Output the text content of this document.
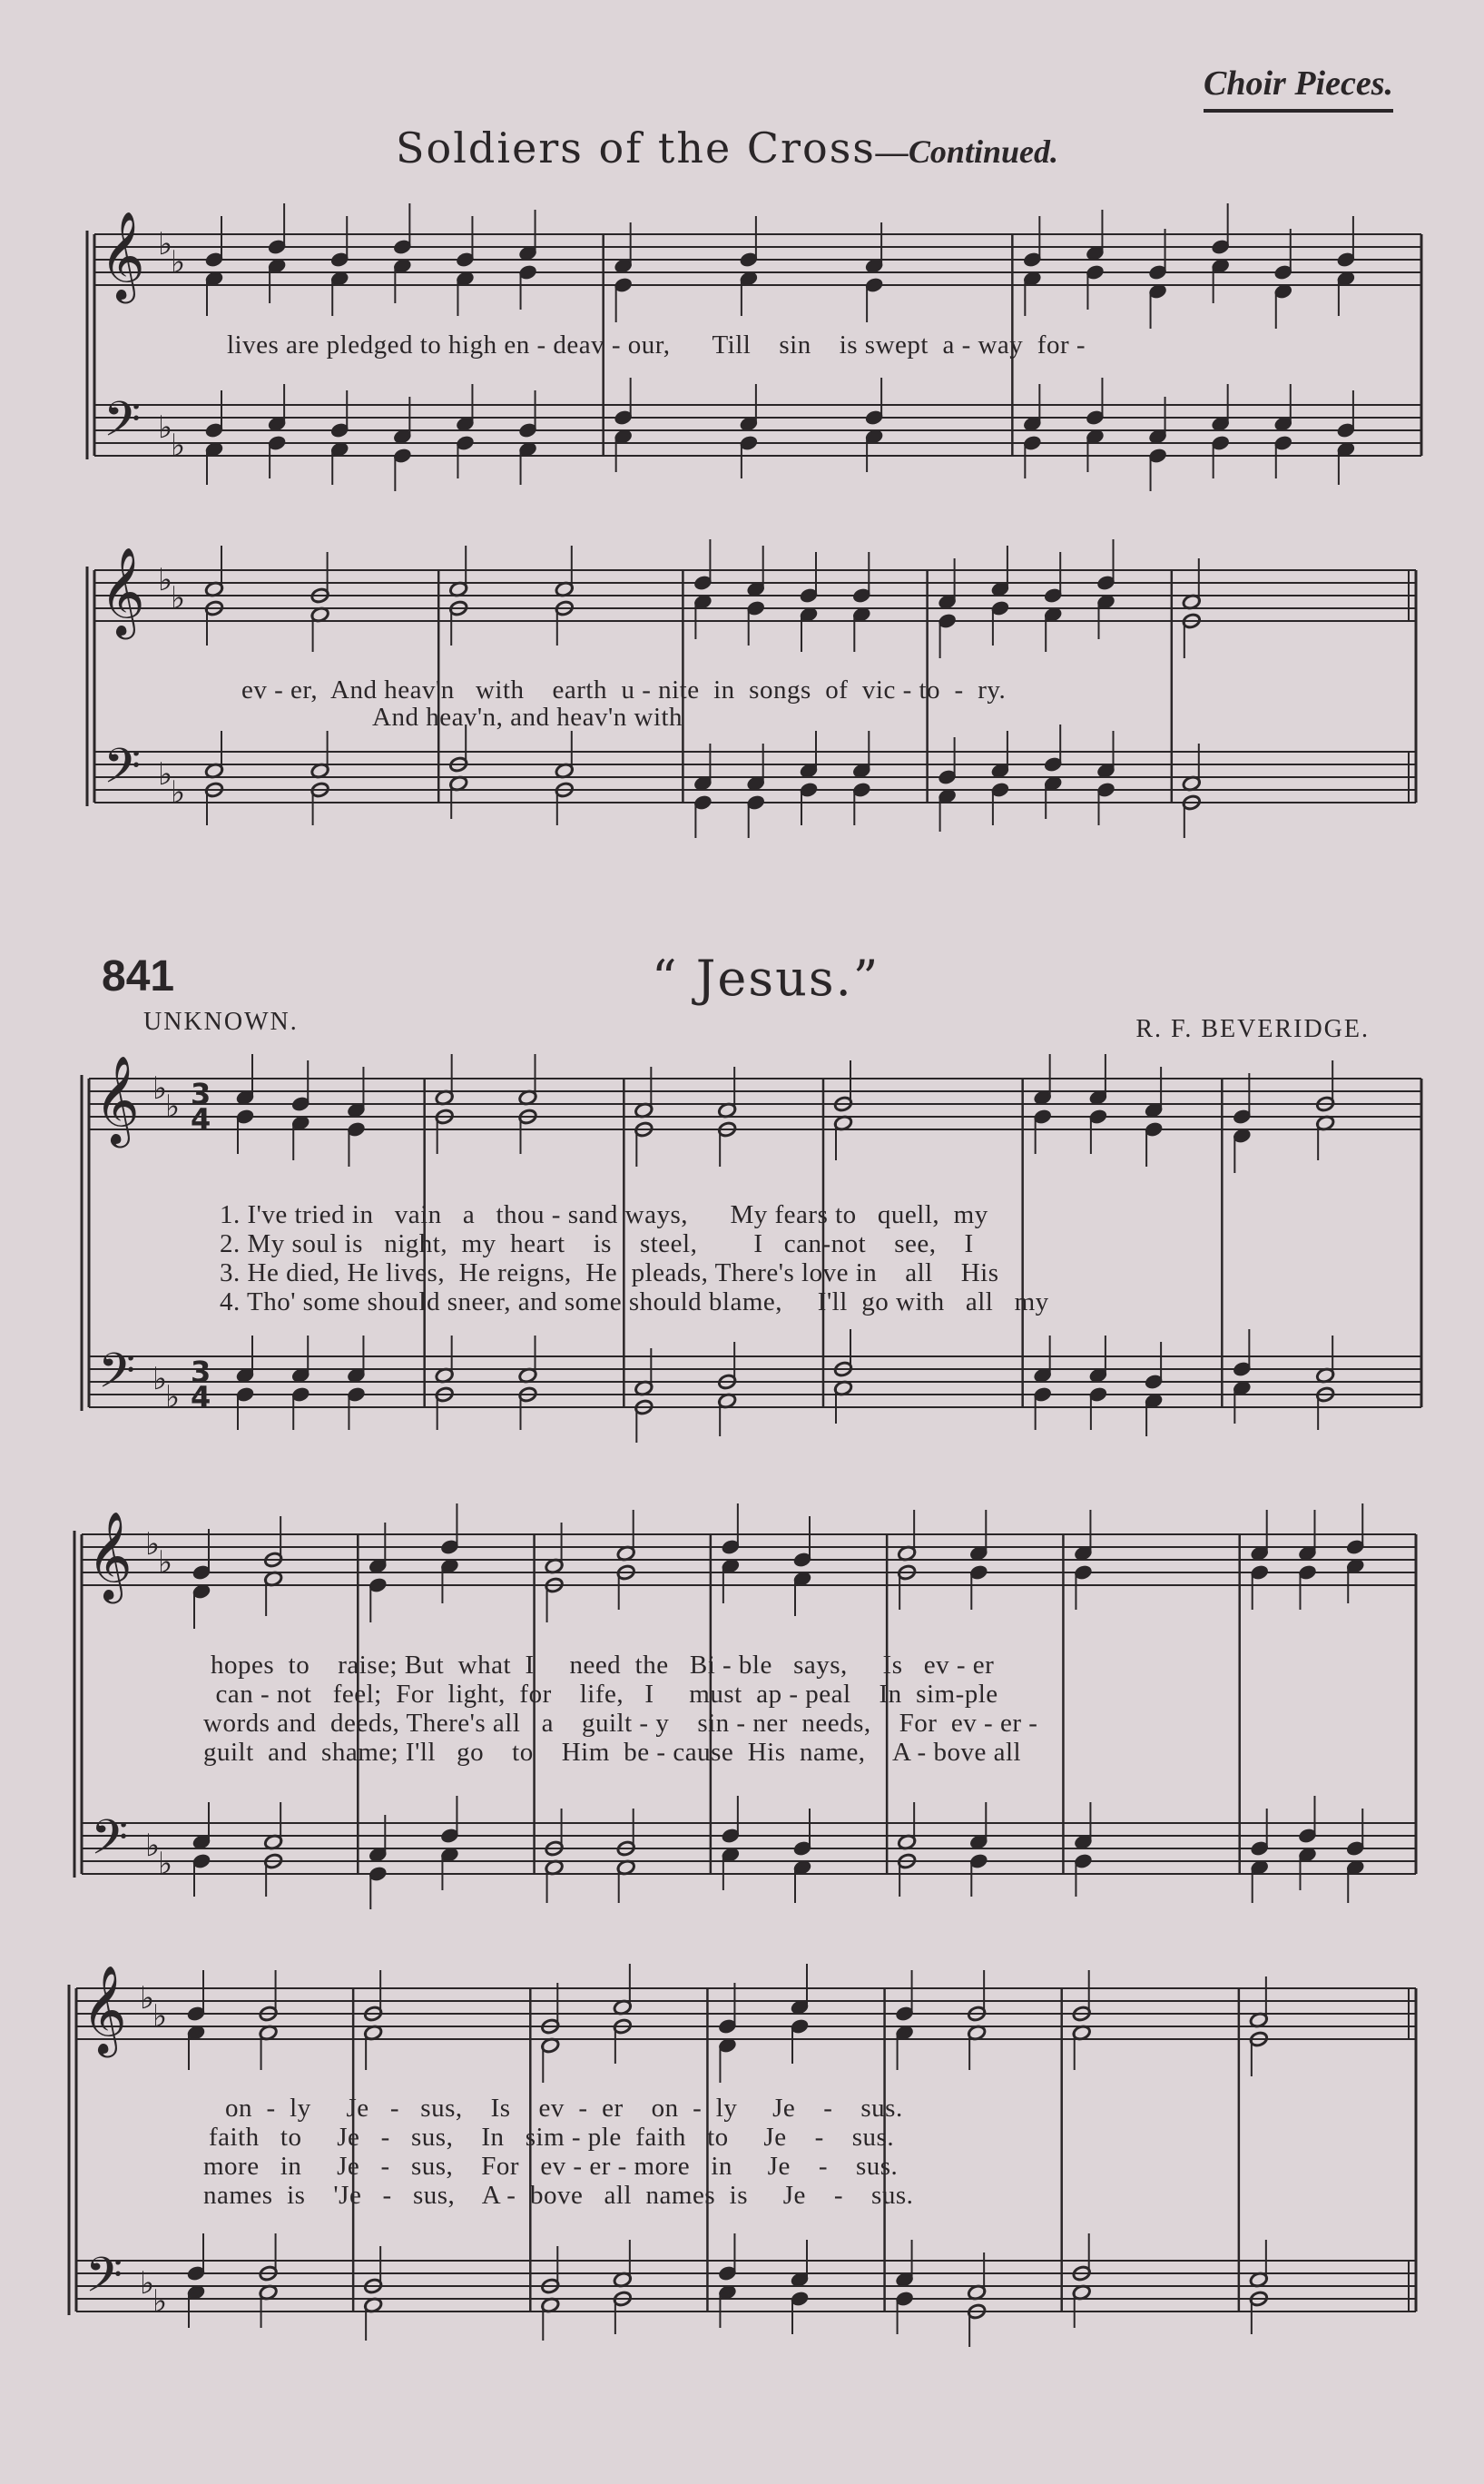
Choir Pieces.
Soldiers of the Cross—Continued.
841	“ Jesus.”
UNKNOWN.	R. F. BEVERIDGE.
lives are pledged to high en - deav - our,      Till    sin    is swept  a - way  for -
ev - er,  And heav'n   with    earth  u - nite  in  songs  of  vic - to  -  ry.
And heav'n, and heav'n with
1. I've tried in   vain   a   thou - sand ways,      My fears to   quell,  my
2. My soul is   night,  my  heart    is    steel,        I   can-not    see,    I
3. He died, He lives,  He reigns,  He  pleads, There's love in    all    His
4. Tho' some should sneer, and some should blame,     I'll  go with   all   my
hopes  to    raise; But  what  I     need  the   Bi - ble   says,     Is   ev - er
can - not   feel;  For  light,  for    life,   I     must  ap - peal    In  sim-ple
words and  deeds, There's all   a    guilt - y    sin - ner  needs,    For  ev - er -
guilt  and  shame; I'll   go    to    Him  be - cause  His  name,    A - bove all
on  -  ly     Je   -   sus,    Is    ev  -  er    on  -  ly     Je    -    sus.
faith   to     Je   -   sus,    In   sim - ple  faith   to     Je    -    sus.
more   in     Je   -   sus,    For   ev - er - more   in     Je    -    sus.
names  is    'Je   -   sus,    A -  bove   all  names  is     Je    -    sus.
𝄞
𝄢
♭
♭
♭
♭
𝄞
𝄢
♭
♭
♭
♭
𝄞
𝄢
♭
♭
♭
♭
3
4
3
4
𝄞
𝄢
♭
♭
♭
♭
𝄞
𝄢
♭
♭
♭
♭
